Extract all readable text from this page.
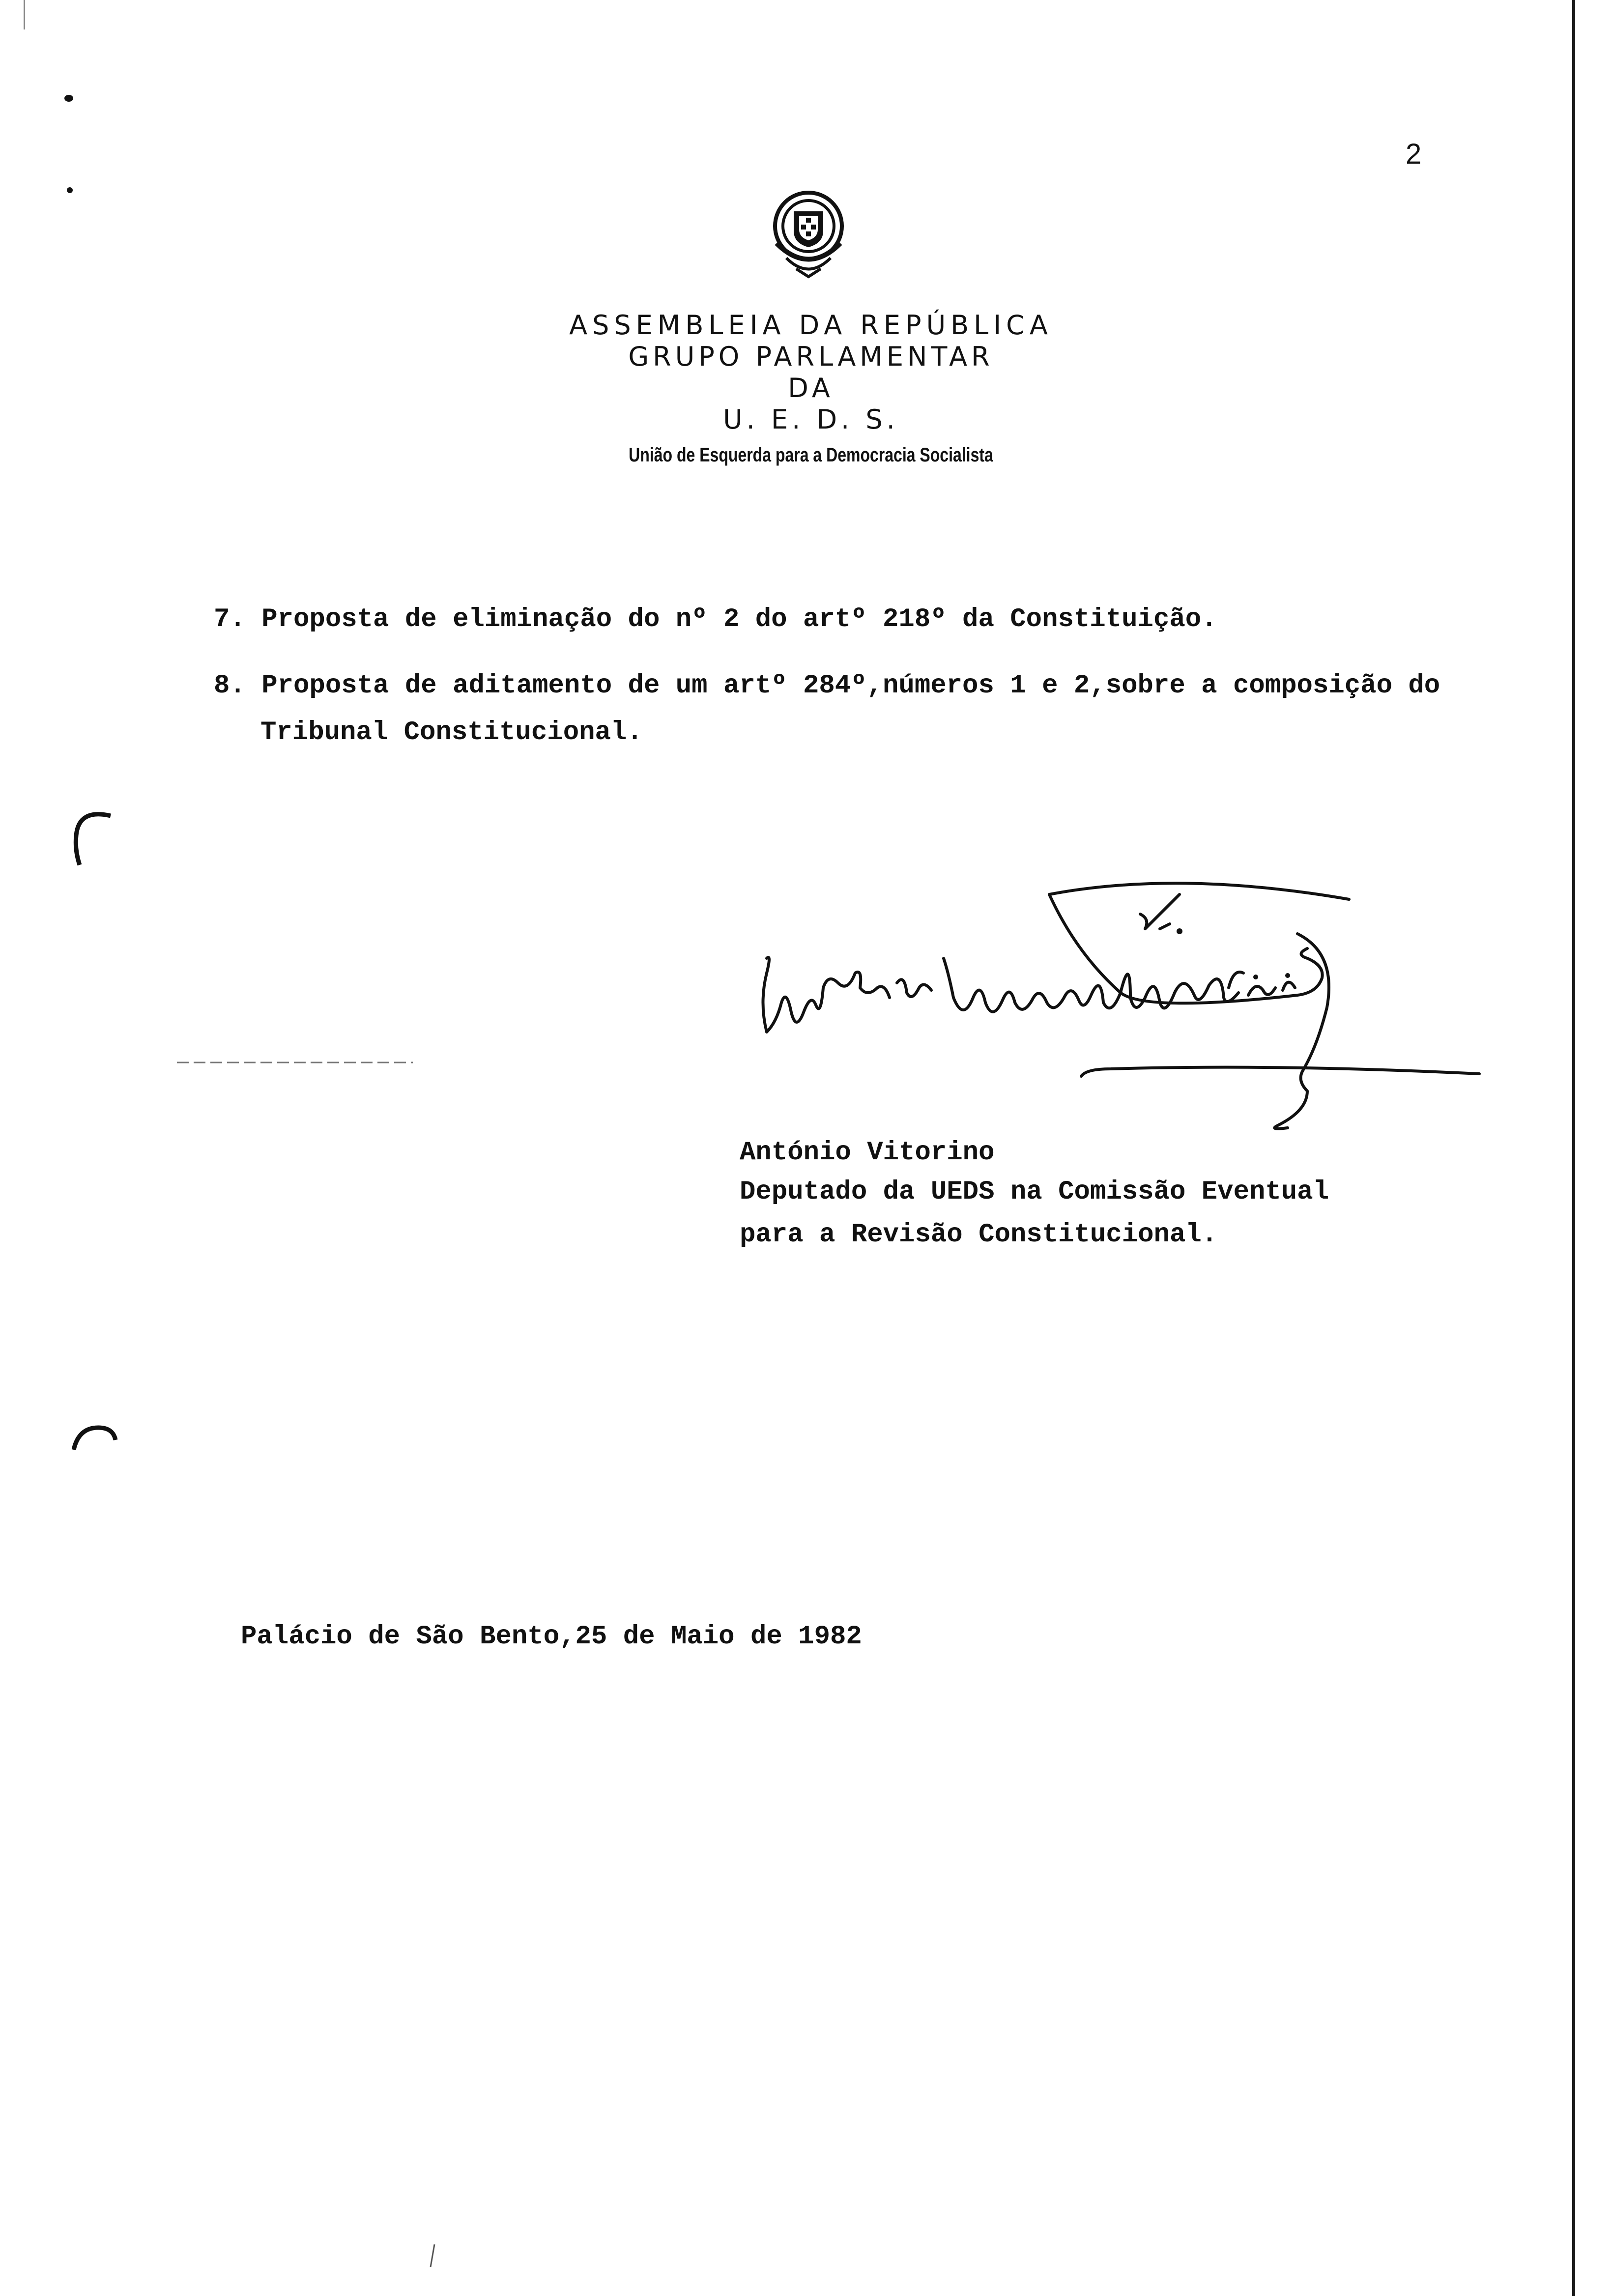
2
ASSEMBLEIA DA REPÚBLICA
GRUPO PARLAMENTAR
DA
U. E. D. S.
União de Esquerda para a Democracia Socialista
7. Proposta de eliminação do nº 2 do artº 218º da Constituição.
8. Proposta de aditamento de um artº 284º,números 1 e 2,sobre a composição do
Tribunal Constitucional.
António Vitorino
Deputado da UEDS na Comissão Eventual
para a Revisão Constitucional.
Palácio de São Bento,25 de Maio de 1982
